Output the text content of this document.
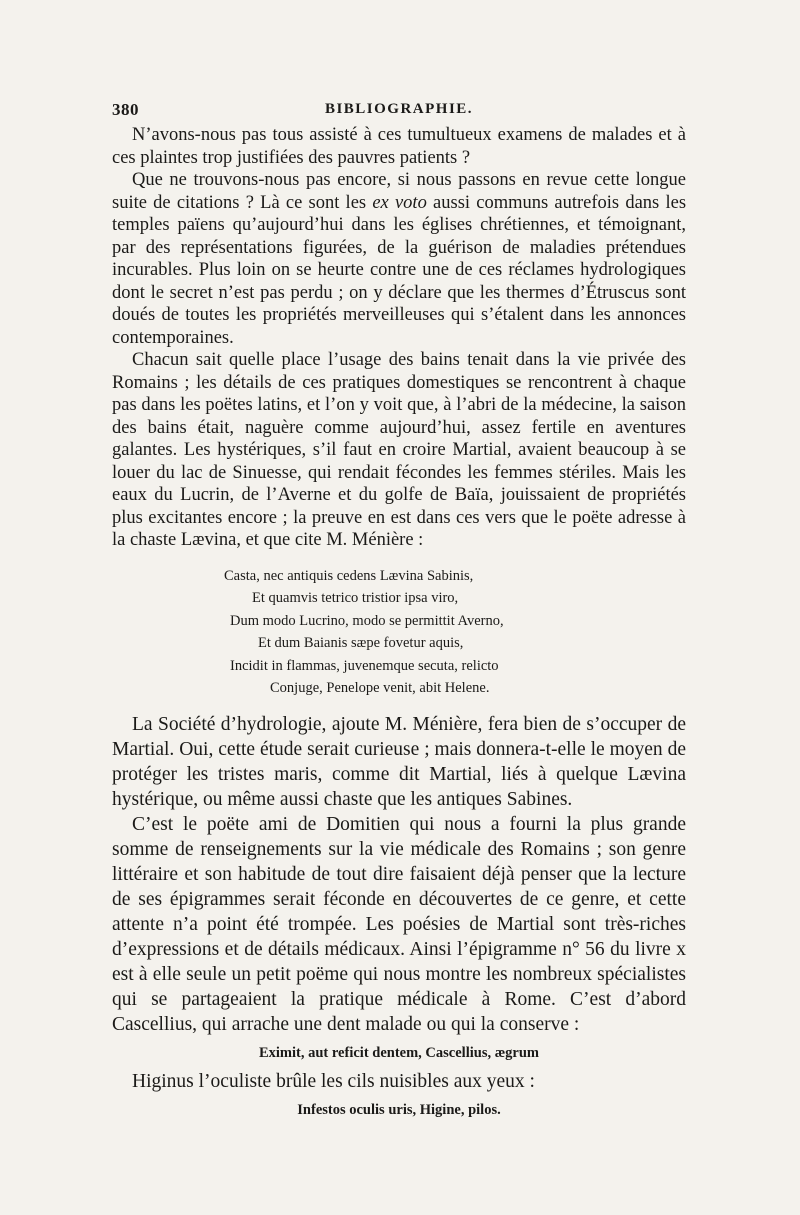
380	BIBLIOGRAPHIE.

N’avons-nous pas tous assisté à ces tumultueux examens de malades et à ces plaintes trop justifiées des pauvres patients ?

Que ne trouvons-nous pas encore, si nous passons en revue cette longue suite de citations ? Là ce sont les ex voto aussi communs autrefois dans les temples païens qu’aujourd’hui dans les églises chrétiennes, et témoignant, par des représentations figurées, de la guérison de maladies prétendues incurables. Plus loin on se heurte contre une de ces réclames hydrologiques dont le secret n’est pas perdu ; on y déclare que les thermes d’Étruscus sont doués de toutes les propriétés merveilleuses qui s’étalent dans les annonces contemporaines.

Chacun sait quelle place l’usage des bains tenait dans la vie privée des Romains ; les détails de ces pratiques domestiques se rencontrent à chaque pas dans les poëtes latins, et l’on y voit que, à l’abri de la médecine, la saison des bains était, naguère comme aujourd’hui, assez fertile en aventures galantes. Les hystériques, s’il faut en croire Martial, avaient beaucoup à se louer du lac de Sinuesse, qui rendait fécondes les femmes stériles. Mais les eaux du Lucrin, de l’Averne et du golfe de Baïa, jouissaient de propriétés plus excitantes encore ; la preuve en est dans ces vers que le poëte adresse à la chaste Lævina, et que cite M. Ménière :

Casta, nec antiquis cedens Lævina Sabinis,
Et quamvis tetrico tristior ipsa viro,
Dum modo Lucrino, modo se permittit Averno,
Et dum Baianis sæpe fovetur aquis,
Incidit in flammas, juvenemque secuta, relicto
Conjuge, Penelope venit, abit Helene.

La Société d’hydrologie, ajoute M. Ménière, fera bien de s’occuper de Martial. Oui, cette étude serait curieuse ; mais donnera-t-elle le moyen de protéger les tristes maris, comme dit Martial, liés à quelque Lævina hystérique, ou même aussi chaste que les antiques Sabines.

C’est le poëte ami de Domitien qui nous a fourni la plus grande somme de renseignements sur la vie médicale des Romains ; son genre littéraire et son habitude de tout dire faisaient déjà penser que la lecture de ses épigrammes serait féconde en découvertes de ce genre, et cette attente n’a point été trompée. Les poésies de Martial sont très-riches d’expressions et de détails médicaux. Ainsi l’épigramme n° 56 du livre x est à elle seule un petit poëme qui nous montre les nombreux spécialistes qui se partageaient la pratique médicale à Rome. C’est d’abord Cascellius, qui arrache une dent malade ou qui la conserve :

Eximit, aut reficit dentem, Cascellius, ægrum

Higinus l’oculiste brûle les cils nuisibles aux yeux :

Infestos oculis uris, Higine, pilos.
